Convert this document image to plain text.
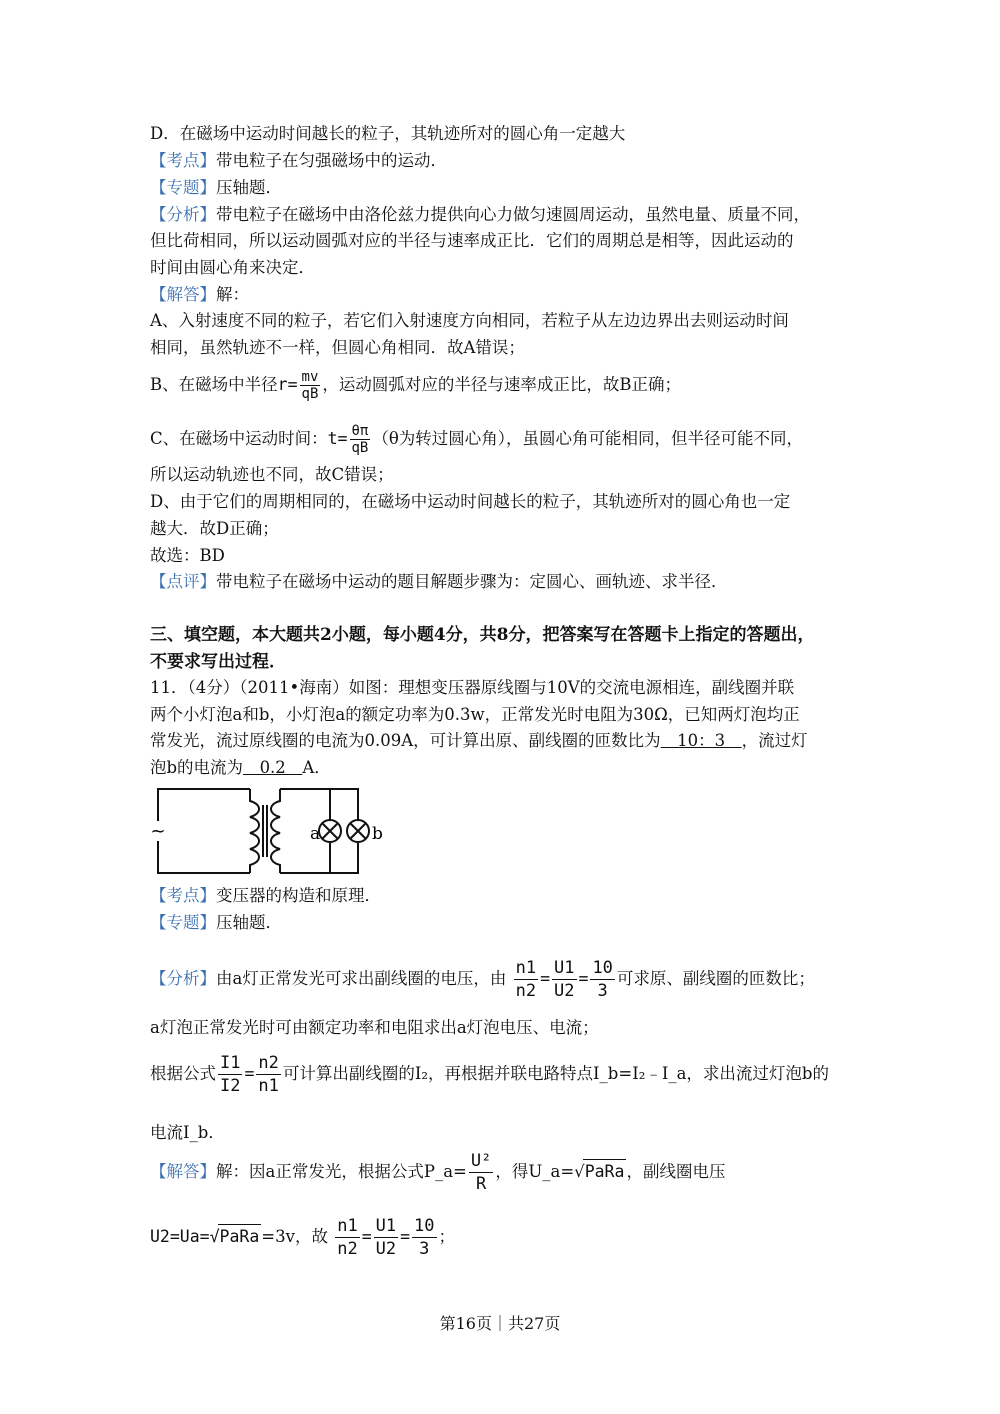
D．在磁场中运动时间越长的粒子，其轨迹所对的圆心角一定越大
【考点】带电粒子在匀强磁场中的运动．
【专题】压轴题．
【分析】带电粒子在磁场中由洛伦兹力提供向心力做匀速圆周运动，虽然电量、质量不同，
但比荷相同，所以运动圆弧对应的半径与速率成正比．它们的周期总是相等，因此运动的
时间由圆心角来决定．
【解答】解：
A、入射速度不同的粒子，若它们入射速度方向相同，若粒子从左边边界出去则运动时间
相同，虽然轨迹不一样，但圆心角相同．故A错误；
B、在磁场中半径$r= \frac{mv}{qB}$ ，运动圆弧对应的半径与速率成正比，故B正确；
C、在磁场中运动时间：$t= \frac{\theta\pi}{qB} (\theta$为转过圆心角），虽圆心角可能相同，但半径可能不同，
所以运动轨迹也不同，故C错误；
D、由于它们的周期相同的，在磁场中运动时间越长的粒子，其轨迹所对的圆心角也一定
越大．故D正确；
故选：BD
【点评】带电粒子在磁场中运动的题目解题步骤为：定圆心、画轨迹、求半径．
三、填空题，本大题共2小题，每小题4分，共8分，把答案写在答题卡上指定的答题出，
不要求写出过程．
11．（4分）（2011•海南）如图：理想变压器原线圈与10V的交流电源相连，副线圈并联
两个小灯泡a和b，小灯泡a的额定功率为0.3w，正常发光时电阻为30Ω，已知两灯泡均正
常发光，流过原线圈的电流为0.09A，可计算出原、副线圈的匝数比为　10：3　，流过灯
泡b的电流为　0.2　A．
~	a	b
【考点】变压器的构造和原理．
【专题】压轴题．
【分析】由a灯正常发光可求出副线圈的电压，由 $\frac{n1}{n2} = \frac{U1}{U2} = \frac{10}{3}$ 可求原、副线圈的匝数比；
a灯泡正常发光时可由额定功率和电阻求出a灯泡电压、电流；
根据公式 $\frac{I1}{I2} = \frac{n2}{n1}$ 可计算出副线圈的I₂，再根据并联电路特点I_b=I₂﹣I_a，求出流过灯泡b的
电流I_b．
【解答】解：因a正常发光，根据公式P_a= $\frac{\text{U²}}{R}$ ，得U_a=√PaRa ，副线圈电压
U2=Ua=√PaRa =3v，故 $\frac{n1}{n2} = \frac{U1}{U2} = \frac{10}{3}$ ；
第16页｜共27页
